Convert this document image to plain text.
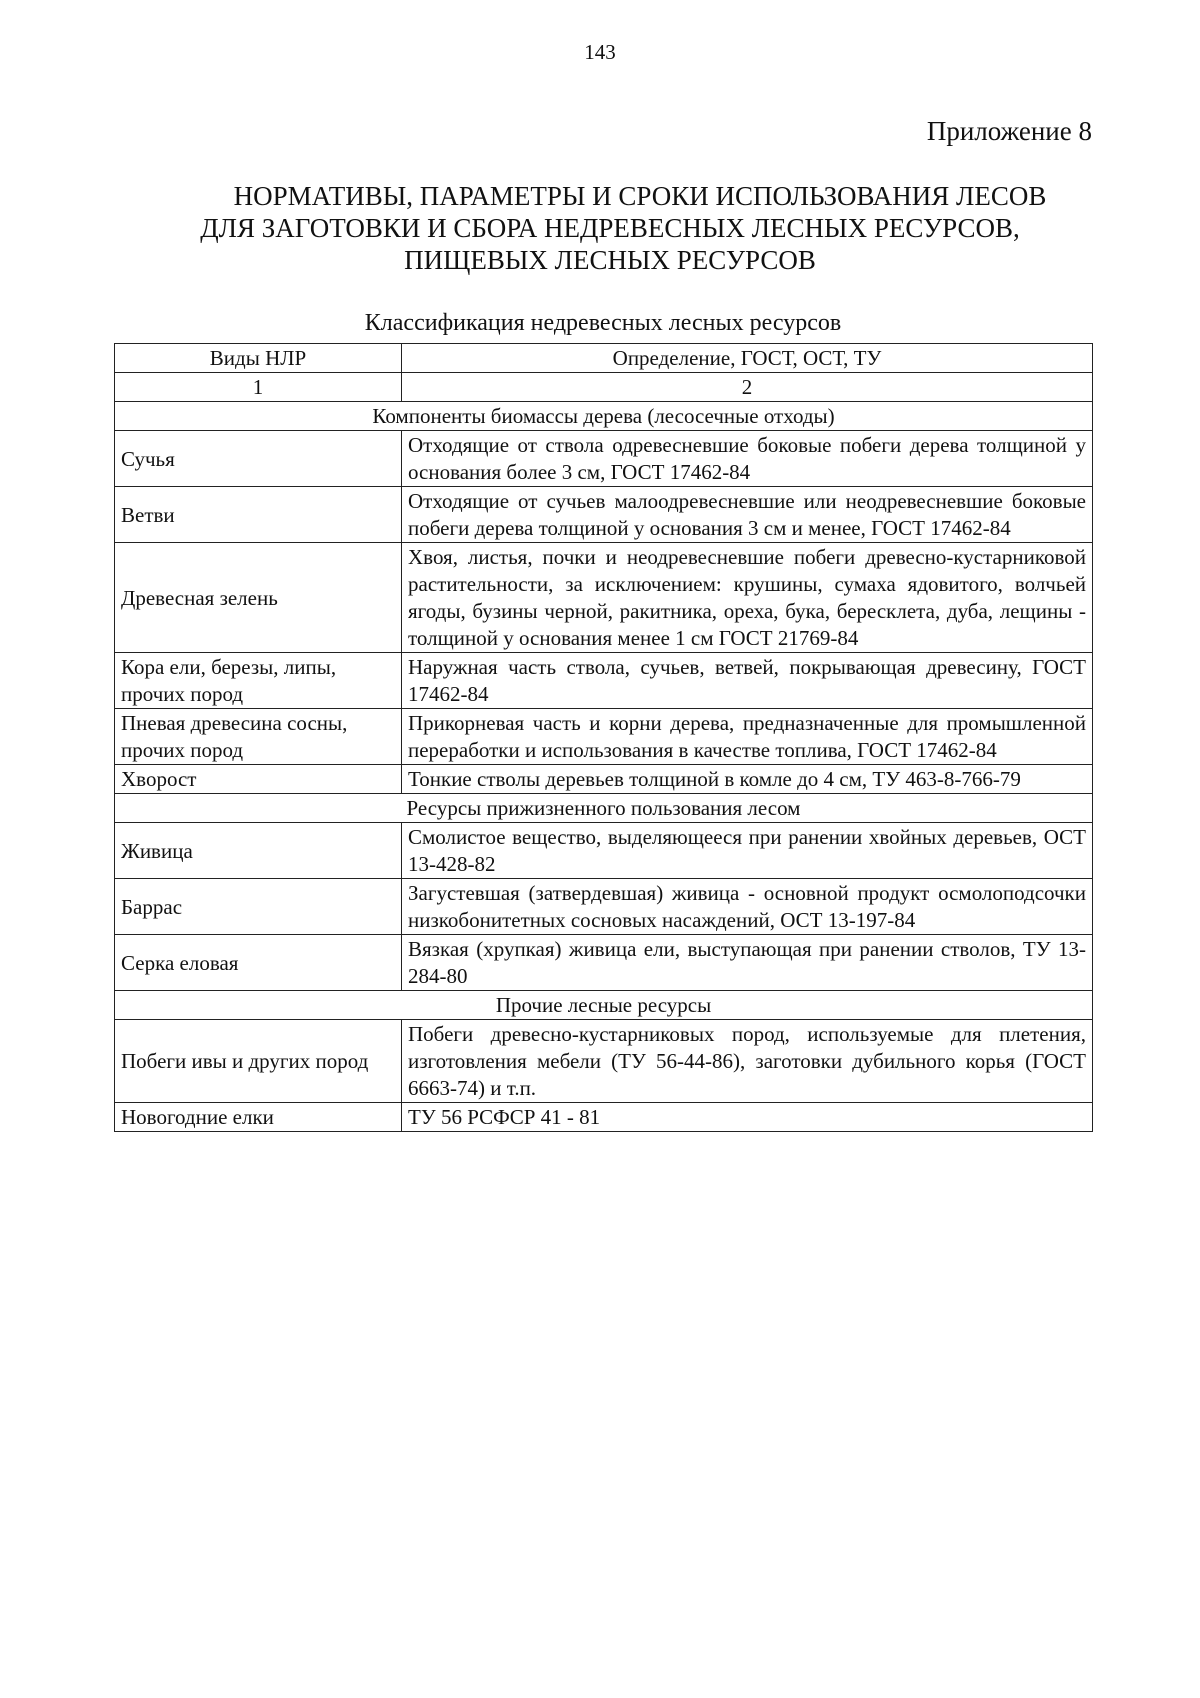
143
Приложение 8
НОРМАТИВЫ, ПАРАМЕТРЫ И СРОКИ ИСПОЛЬЗОВАНИЯ ЛЕСОВ
ДЛЯ ЗАГОТОВКИ И СБОРА НЕДРЕВЕСНЫХ ЛЕСНЫХ РЕСУРСОВ,
ПИЩЕВЫХ ЛЕСНЫХ РЕСУРСОВ
Классификация недревесных лесных ресурсов
Виды НЛР	Определение, ГОСТ, ОСТ, ТУ
1	2
Компоненты биомассы дерева (лесосечные отходы)	
Сучья	Отходящие от ствола одревесневшие боковые побеги дерева толщиной у основания более 3 см, ГОСТ 17462-84
Ветви	Отходящие от сучьев малоодревесневшие или неодревесневшие боковые побеги дерева толщиной у основания 3 см и менее, ГОСТ 17462-84
Древесная зелень	Хвоя, листья, почки и неодревесневшие побеги древесно-кустарниковой растительности, за исключением: крушины, сумаха ядовитого, волчьей ягоды, бузины черной, ракитника, ореха, бука, бересклета, дуба, лещины - толщиной у основания менее 1 см ГОСТ 21769-84
Кора ели, березы, липы, прочих пород	Наружная часть ствола, сучьев, ветвей, покрывающая древесину, ГОСТ 17462-84
Пневая древесина сосны, прочих пород	Прикорневая часть и корни дерева, предназначенные для промышленной переработки и использования в качестве топлива, ГОСТ 17462-84
Хворост	Тонкие стволы деревьев толщиной в комле до 4 см, ТУ 463-8-766-79
Ресурсы прижизненного пользования лесом	
Живица	Смолистое вещество, выделяющееся при ранении хвойных деревьев, ОСТ 13-428-82
Баррас	Загустевшая (затвердевшая) живица - основной продукт осмолоподсочки низкобонитетных сосновых насаждений, ОСТ 13-197-84
Серка еловая	Вязкая (хрупкая) живица ели, выступающая при ранении стволов, ТУ 13-284-80
Прочие лесные ресурсы	
Побеги ивы и других пород	Побеги древесно-кустарниковых пород, используемые для плетения, изготовления мебели (ТУ 56-44-86), заготовки дубильного корья (ГОСТ 6663-74) и т.п.
Новогодние елки	ТУ 56 РСФСР 41 - 81
